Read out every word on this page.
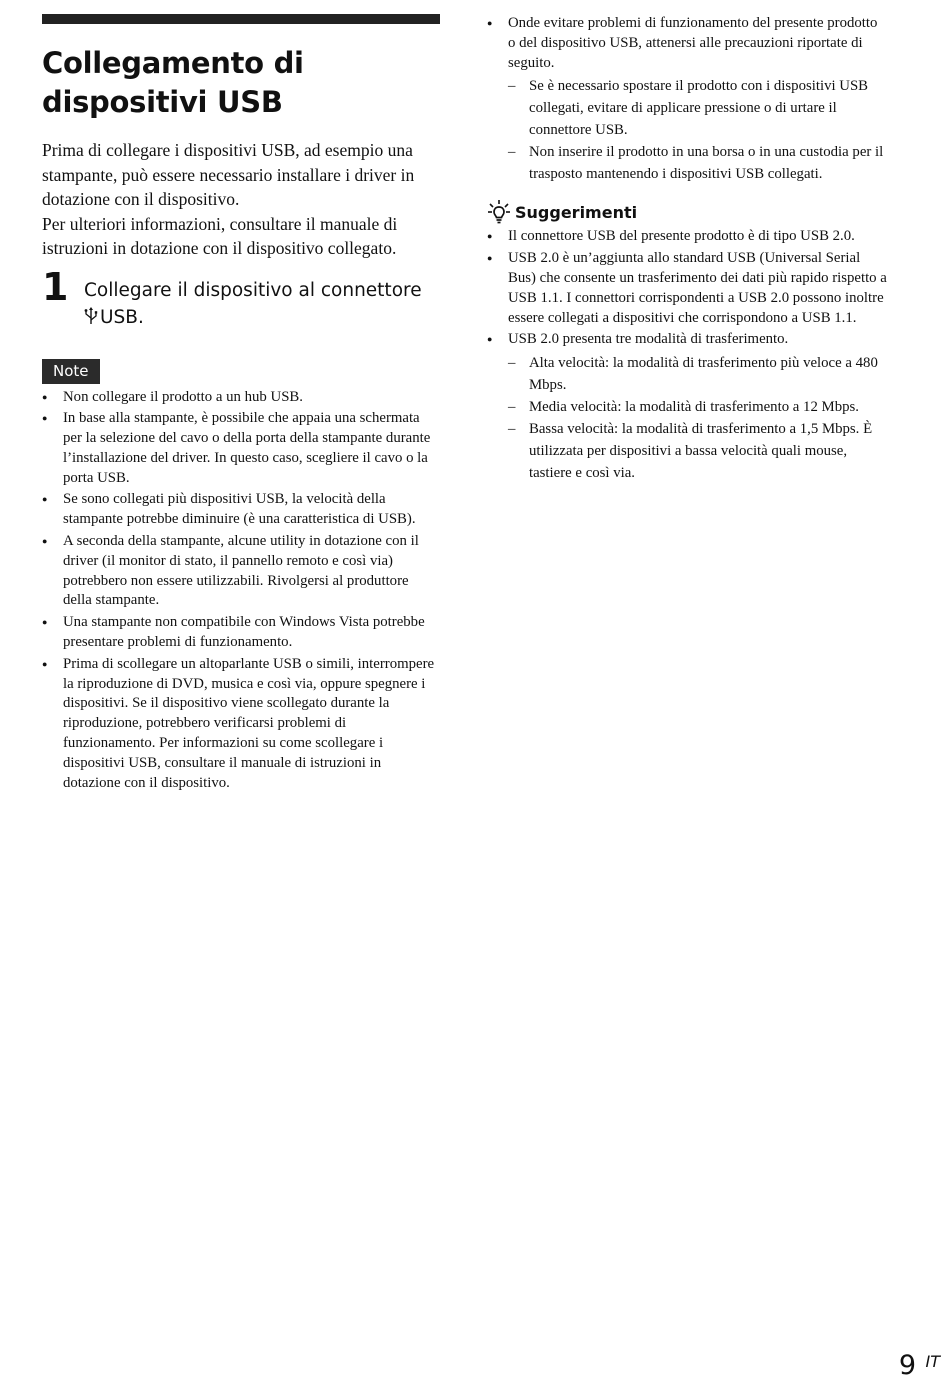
Collegamento di dispositivi USB

Prima di collegare i dispositivi USB, ad esempio una stampante, può essere necessario installare i driver in dotazione con il dispositivo.
Per ulteriori informazioni, consultare il manuale di istruzioni in dotazione con il dispositivo collegato.

1 Collegare il dispositivo al connettore
USB.
Note
● Non collegare il prodotto a un hub USB.
● In base alla stampante, è possibile che appaia una schermata per la selezione del cavo o della porta della stampante durante l’installazione del driver. In questo caso, scegliere il cavo o la porta USB.
● Se sono collegati più dispositivi USB, la velocità della stampante potrebbe diminuire (è una caratteristica di USB).
● A seconda della stampante, alcune utility in dotazione con il driver (il monitor di stato, il pannello remoto e così via) potrebbero non essere utilizzabili. Rivolgersi al produttore della stampante.
● Una stampante non compatibile con Windows Vista potrebbe presentare problemi di funzionamento.
● Prima di scollegare un altoparlante USB o simili, interrompere la riproduzione di DVD, musica e così via, oppure spegnere i dispositivi. Se il dispositivo viene scollegato durante la riproduzione, potrebbero verificarsi problemi di funzionamento. Per informazioni su come scollegare i dispositivi USB, consultare il manuale di istruzioni in dotazione con il dispositivo.
● Onde evitare problemi di funzionamento del presente prodotto o del dispositivo USB, attenersi alle precauzioni riportate di seguito.
– Se è necessario spostare il prodotto con i dispositivi USB collegati, evitare di applicare pressione o di urtare il connettore USB.
– Non inserire il prodotto in una borsa o in una custodia per il trasposto mantenendo i dispositivi USB collegati.
Suggerimenti
● Il connettore USB del presente prodotto è di tipo USB 2.0.
● USB 2.0 è un’aggiunta allo standard USB (Universal Serial Bus) che consente un trasferimento dei dati più rapido rispetto a USB 1.1. I connettori corrispondenti a USB 2.0 possono inoltre essere collegati a dispositivi che corrispondono a USB 1.1.
● USB 2.0 presenta tre modalità di trasferimento.
– Alta velocità: la modalità di trasferimento più veloce a 480 Mbps.
– Media velocità: la modalità di trasferimento a 12 Mbps.
– Bassa velocità: la modalità di trasferimento a 1,5 Mbps. È utilizzata per dispositivi a bassa velocità quali mouse, tastiere e così via.
9 IT
